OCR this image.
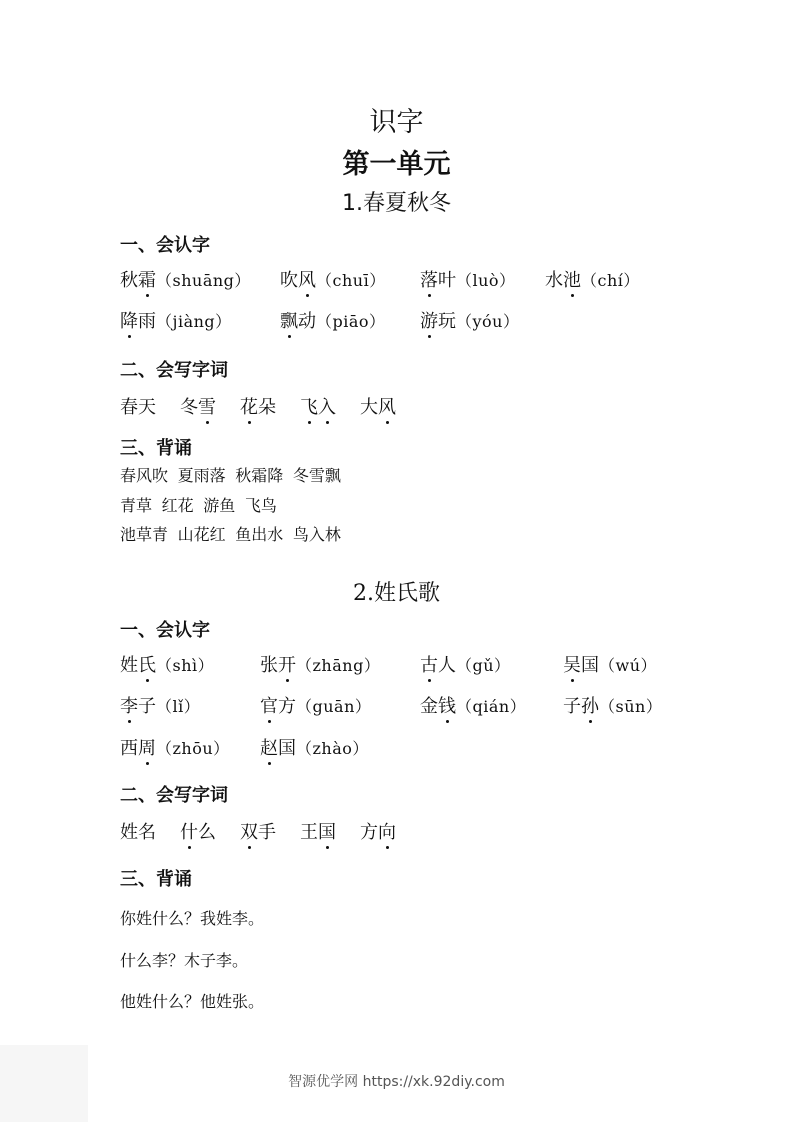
识字
第一单元
1.春夏秋冬
一、会认字
秋霜（shuāng） 吹风（chuī） 落叶（luò） 水池（chí）
降雨（jiàng）	飘动（piāo） 游玩（yóu）
二、会写字词
春天 冬雪 花朵 飞入 大风
三、背诵
春风吹 夏雨落 秋霜降 冬雪飘
青草 红花 游鱼 飞鸟
池草青 山花红 鱼出水 鸟入林
2.姓氏歌
一、会认字
姓氏（shì）	张开（zhāng） 古人（gǔ）	吴国（wú）
李子（lǐ）	官方（guān）	金钱（qián） 子孙（sūn）
西周（zhōu） 赵国（zhào）
二、会写字词
姓名 什么 双手 王国 方向
三、背诵
你姓什么？我姓李。
什么李？木子李。
他姓什么？他姓张。
智源优学网 https://xk.92diy.com
